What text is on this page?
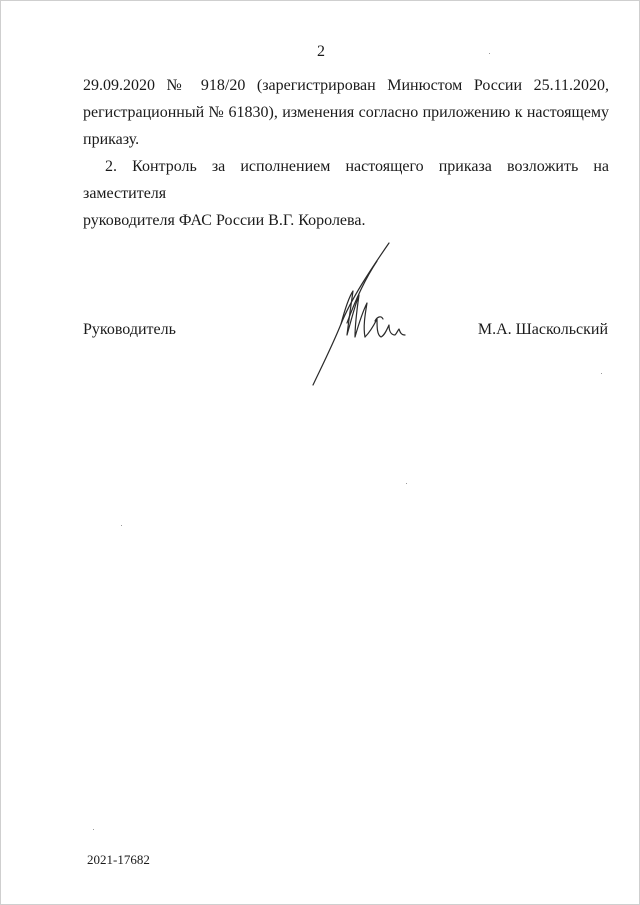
2

29.09.2020 № 918/20 (зарегистрирован Минюстом России 25.11.2020,
регистрационный № 61830), изменения согласно приложению к настоящему
приказу.

2. Контроль за исполнением настоящего приказа возложить на заместителя
руководителя ФАС России В.Г. Королева.

Руководитель	М.А. Шаскольский
2021-17682
